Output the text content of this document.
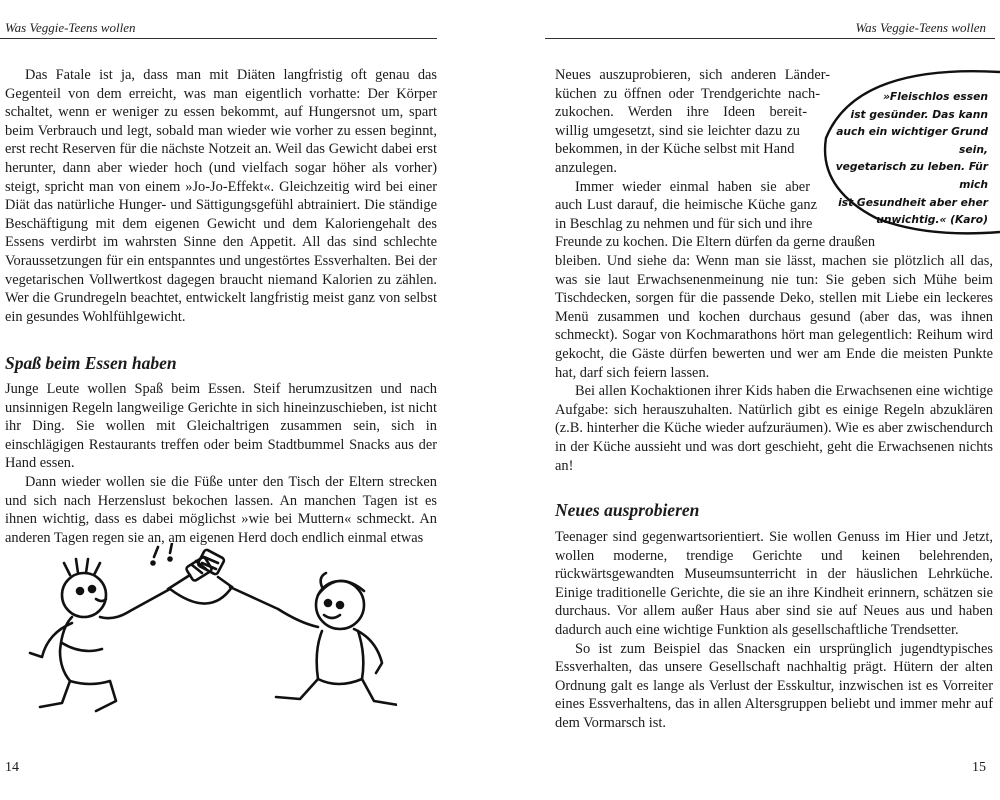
Was Veggie-Teens wollen

Das Fatale ist ja, dass man mit Diäten langfristig oft genau das Gegenteil von dem erreicht, was man eigentlich vorhatte: Der Körper schaltet, wenn er weniger zu essen bekommt, auf Hungersnot um, spart beim Verbrauch und legt, sobald man wieder wie vorher zu essen beginnt, erst recht Reserven für die nächste Notzeit an. Weil das Gewicht dabei erst herunter, dann aber wieder hoch (und vielfach sogar höher als vorher) steigt, spricht man von einem »Jo-Jo-Effekt«. Gleichzeitig wird bei einer Diät das natürliche Hunger- und Sättigungsgefühl abtrainiert. Die ständige Beschäftigung mit dem eigenen Gewicht und dem Kaloriengehalt des Essens verdirbt im wahrsten Sinne den Appetit. All das sind schlechte Voraussetzungen für ein entspanntes und ungestörtes Essverhalten. Bei der vegetarischen Vollwertkost dagegen braucht niemand Kalorien zu zählen. Wer die Grundregeln beachtet, entwickelt langfristig meist ganz von selbst ein gesundes Wohlfühlgewicht.

Spaß beim Essen haben

Junge Leute wollen Spaß beim Essen. Steif herumzusitzen und nach unsinnigen Regeln langweilige Gerichte in sich hineinzuschieben, ist nicht ihr Ding. Sie wollen mit Gleichaltrigen zusammen sein, sich in einschlägigen Restaurants treffen oder beim Stadtbummel Snacks aus der Hand essen.

Dann wieder wollen sie die Füße unter den Tisch der Eltern strecken und sich nach Herzenslust bekochen lassen. An manchen Tagen ist es ihnen wichtig, dass es dabei möglichst »wie bei Muttern« schmeckt. An anderen Tagen regen sie an, am eigenen Herd doch endlich einmal etwas

14
Was Veggie-Teens wollen
Neues auszuprobieren, sich anderen Länder-
küchen zu öffnen oder Trendgerichte nach-
zukochen. Werden ihre Ideen bereit-
willig umgesetzt, sind sie leichter dazu zu
bekommen, in der Küche selbst mit Hand
anzulegen.
Immer wieder einmal haben sie aber
auch Lust darauf, die heimische Küche ganz
in Beschlag zu nehmen und für sich und ihre
Freunde zu kochen. Die Eltern dürfen da gerne draußen
»Fleischlos essen
ist gesünder. Das kann
auch ein wichtiger Grund sein,
vegetarisch zu leben. Für mich
ist Gesundheit aber eher
unwichtig.« (Karo)

bleiben. Und siehe da: Wenn man sie lässt, machen sie plötzlich all das, was sie laut Erwachsenenmeinung nie tun: Sie geben sich Mühe beim Tischdecken, sorgen für die passende Deko, stellen mit Liebe ein leckeres Menü zusammen und kochen durchaus gesund (aber das, was ihnen schmeckt). Sogar von Kochmarathons hört man gelegentlich: Reihum wird gekocht, die Gäste dürfen bewerten und wer am Ende die meisten Punkte hat, darf sich feiern lassen.

Bei allen Kochaktionen ihrer Kids haben die Erwachsenen eine wichtige Aufgabe: sich herauszuhalten. Natürlich gibt es einige Regeln abzuklären (z.B. hinterher die Küche wieder aufzuräumen). Wie es aber zwischendurch in der Küche aussieht und was dort geschieht, geht die Erwachsenen nichts an!

Neues ausprobieren

Teenager sind gegenwartsorientiert. Sie wollen Genuss im Hier und Jetzt, wollen moderne, trendige Gerichte und keinen belehrenden, rückwärtsgewandten Museumsunterricht in der häuslichen Lehrküche. Einige traditionelle Gerichte, die sie an ihre Kindheit erinnern, schätzen sie durchaus. Vor allem außer Haus aber sind sie auf Neues aus und haben dadurch auch eine wichtige Funktion als gesellschaftliche Trendsetter.

So ist zum Beispiel das Snacken ein ursprünglich jugendtypisches Essverhalten, das unsere Gesellschaft nachhaltig prägt. Hütern der alten Ordnung galt es lange als Verlust der Esskultur, inzwischen ist es Vorreiter eines Essverhaltens, das in allen Altersgruppen beliebt und immer mehr auf dem Vormarsch ist.

15
